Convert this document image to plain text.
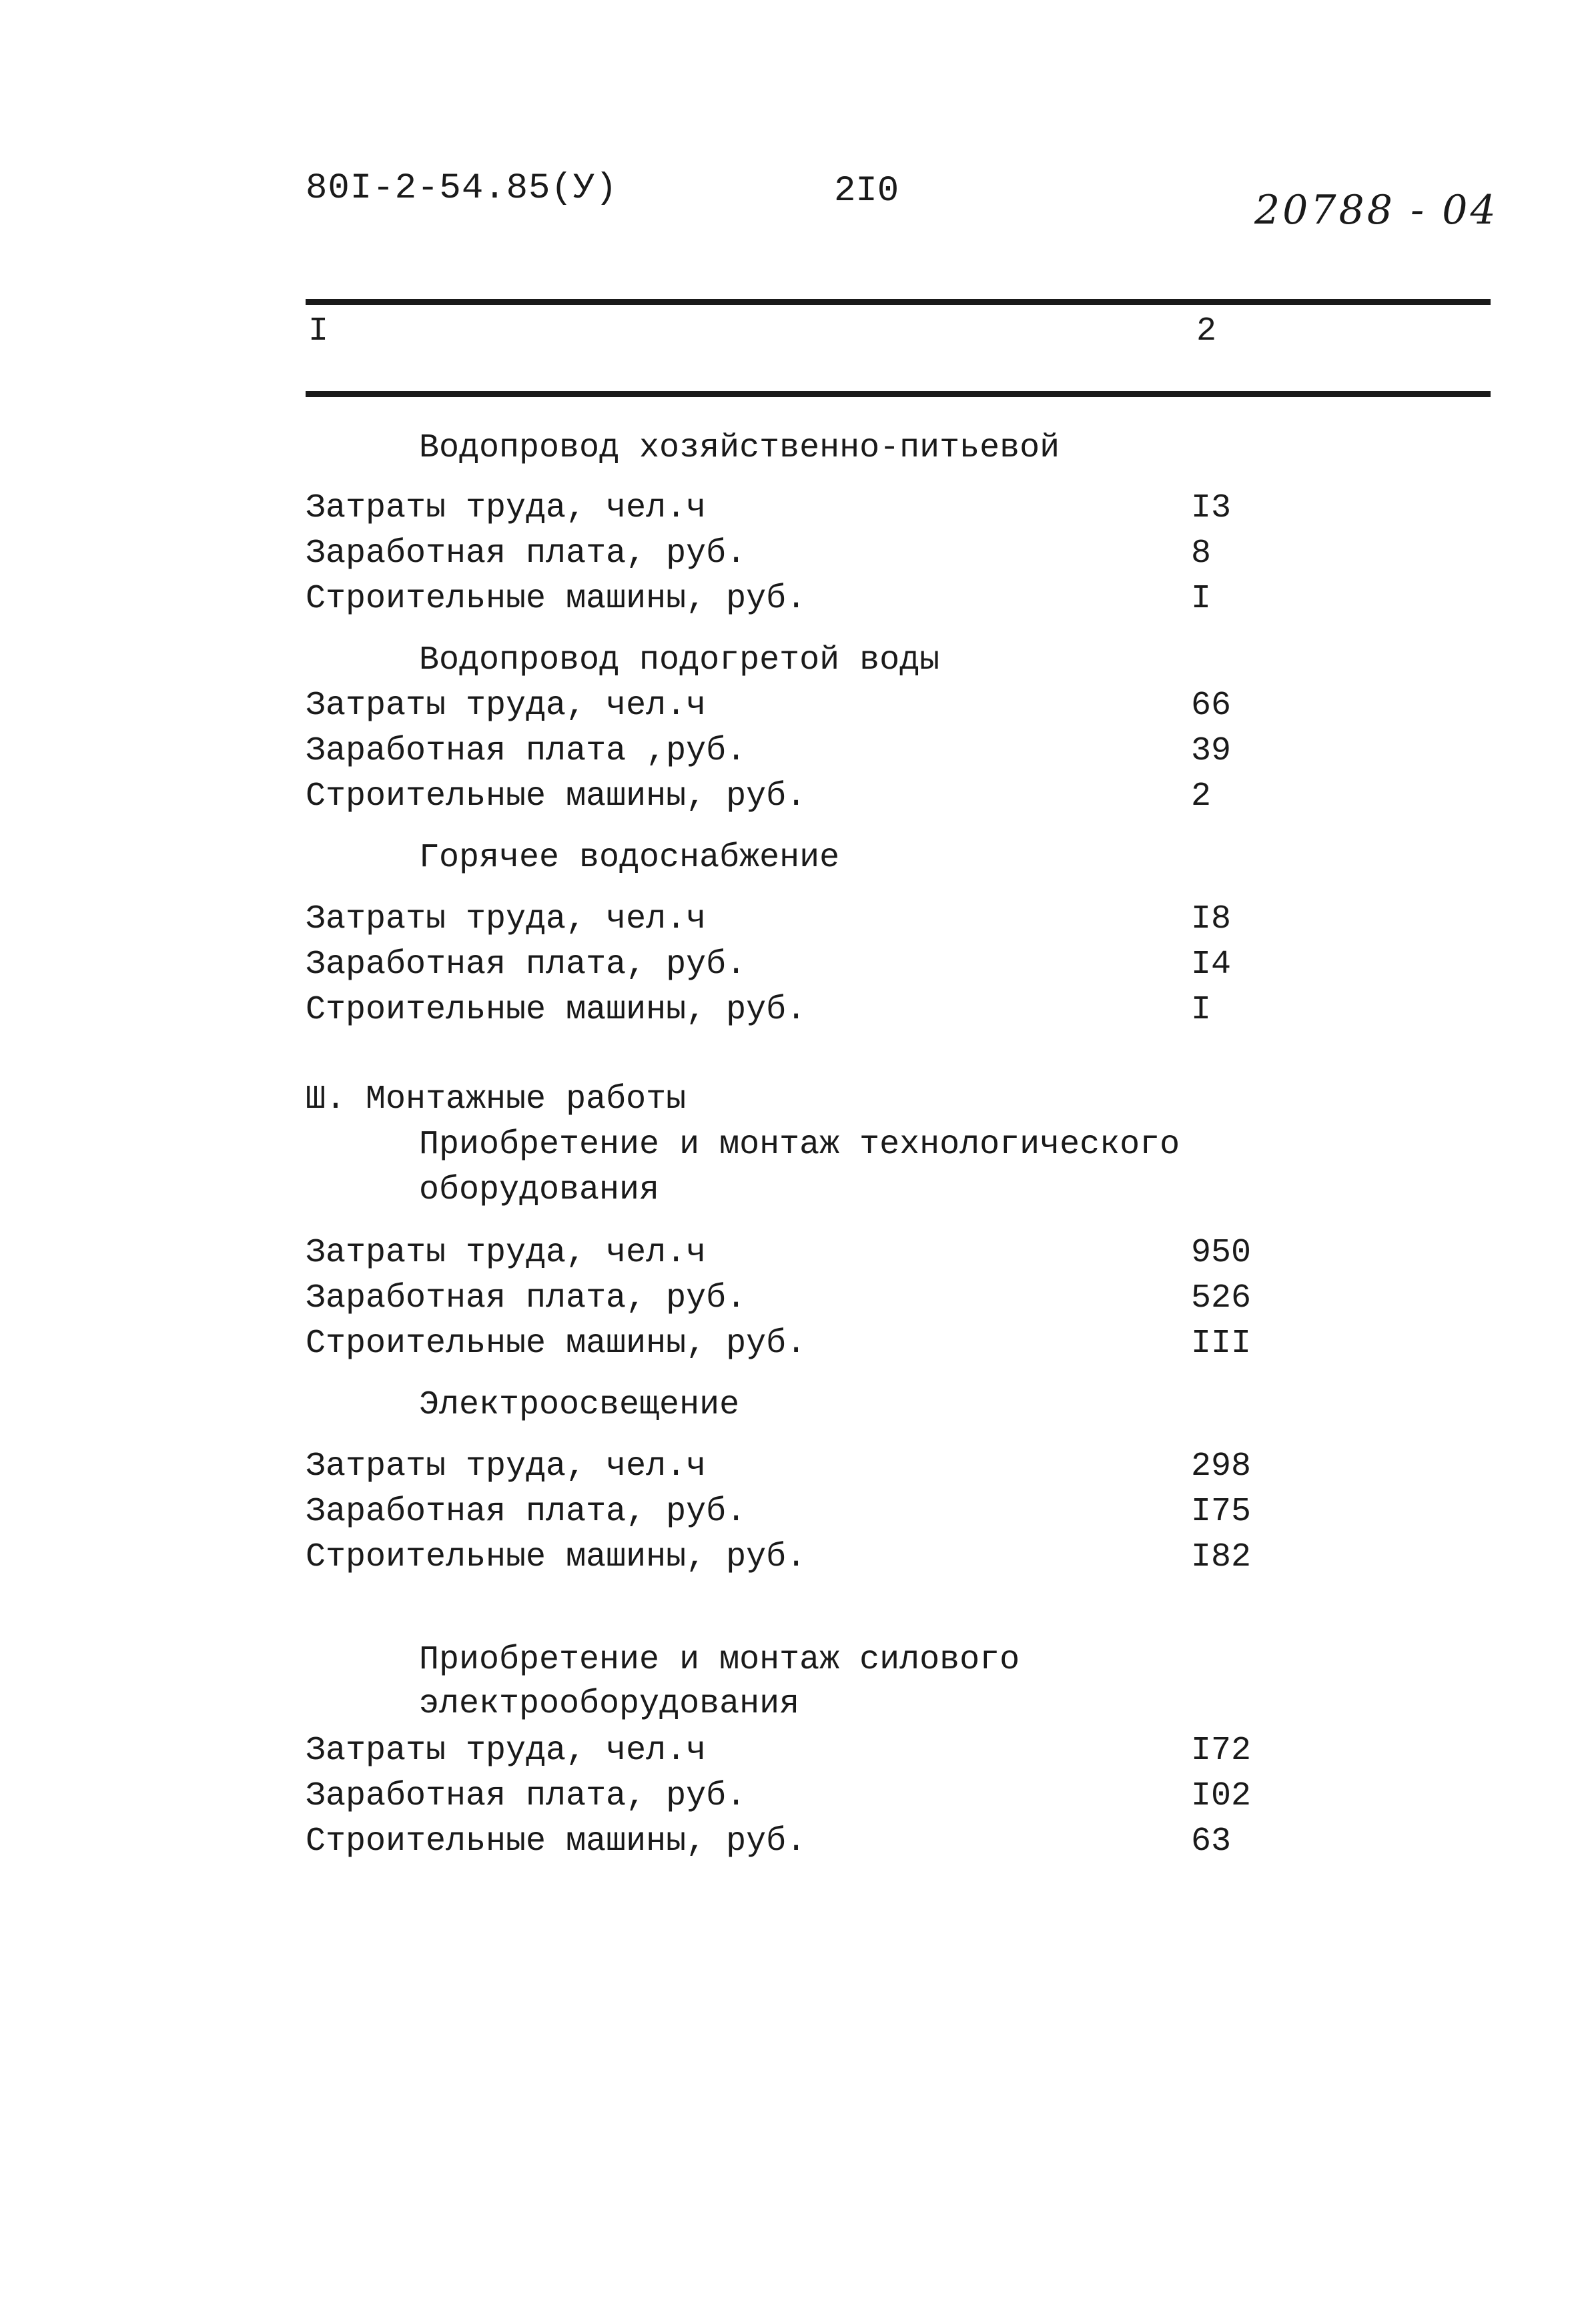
80I-2-54.85(У)	2I0	20788 - 04
I	2
Водопровод хозяйственно-питьевой
Затраты труда, чел.ч	I3
Заработная плата, руб.	8
Строительные машины, руб.	I
Водопровод подогретой воды
Затраты труда, чел.ч	66
Заработная плата ,руб.	39
Строительные машины, руб.	2
Горячее водоснабжение
Затраты труда, чел.ч	I8
Заработная плата, руб.	I4
Строительные машины, руб.	I
Ш. Монтажные работы
Приобретение и монтаж технологического
оборудования
Затраты труда, чел.ч	950
Заработная плата, руб.	526
Строительные машины, руб.	III
Электроосвещение
Затраты труда, чел.ч	298
Заработная плата, руб.	I75
Строительные машины, руб.	I82
Приобретение и монтаж силового
электрооборудования
Затраты труда, чел.ч	I72
Заработная плата, руб.	I02
Строительные машины, руб.	63
